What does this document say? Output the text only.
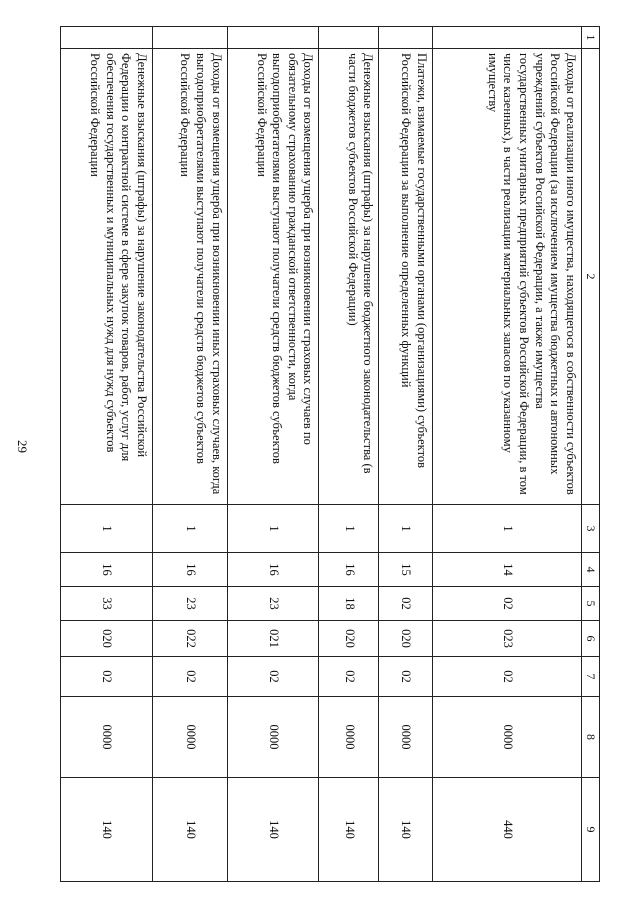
29
1	2	3	4	5	6	7	8	9
	Доходы от реализации иного имущества, находящегося в собственности субъектов Российской Федерации (за исключением имущества бюджетных и автономных учреждений субъектов Российской Федерации, а также имущества государственных унитарных предприятий субъектов Российской Федерации, в том числе казенных), в части реализации материальных запасов по указанному имуществу	1	14	02	023	02	0000	440
	Платежи, взимаемые государственными органами (организациями) субъектов Российской Федерации за выполнение определенных функций	1	15	02	020	02	0000	140
	Денежные взыскания (штрафы) за нарушение бюджетного законодательства (в части бюджетов субъектов Российской Федерации)	1	16	18	020	02	0000	140
	Доходы от возмещения ущерба при возникновении страховых случаев по обязательному страхованию гражданской ответственности, когда выгодоприобретателями выступают получатели средств бюджетов субъектов Российской Федерации	1	16	23	021	02	0000	140
	Доходы от возмещения ущерба при возникновении иных страховых случаев, когда выгодоприобретателями выступают получатели средств бюджетов субъектов Российской Федерации	1	16	23	022	02	0000	140
	Денежные взыскания (штрафы) за нарушение законодательства Российской Федерации о контрактной системе в сфере закупок товаров, работ, услуг для обеспечения государственных и муниципальных нужд для нужд субъектов Российской Федерации	1	16	33	020	02	0000	140
